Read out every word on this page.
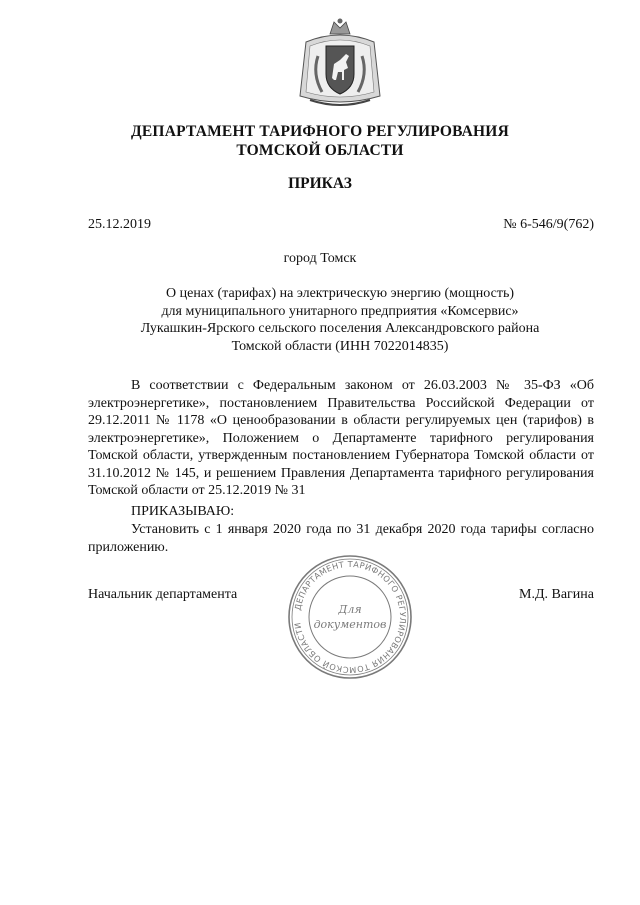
ДЕПАРТАМЕНТ ТАРИФНОГО РЕГУЛИРОВАНИЯ
ТОМСКОЙ ОБЛАСТИ
ПРИКАЗ
25.12.2019	№ 6-546/9(762)
город Томск
О ценах (тарифах) на электрическую энергию (мощность)
для муниципального унитарного предприятия «Комсервис»
Лукашкин-Ярского сельского поселения Александровского района
Томской области (ИНН 7022014835)
В соответствии с Федеральным законом от 26.03.2003 № 35-ФЗ «Об электроэнергетике», постановлением Правительства Российской Федерации от 29.12.2011 № 1178 «О ценообразовании в области регулируемых цен (тарифов) в электроэнергетике», Положением о Департаменте тарифного регулирования Томской области, утвержденным постановлением Губернатора Томской области от 31.10.2012 № 145, и решением Правления Департамента тарифного регулирования Томской области от 25.12.2019 № 31
ПРИКАЗЫВАЮ:
Установить с 1 января 2020 года по 31 декабря 2020 года тарифы согласно приложению.
Начальник департамента	М.Д. Вагина
ДЕПАРТАМЕНТ ТАРИФНОГО РЕГУЛИРОВАНИЯ ТОМСКОЙ ОБЛАСТИ
Для
документов
